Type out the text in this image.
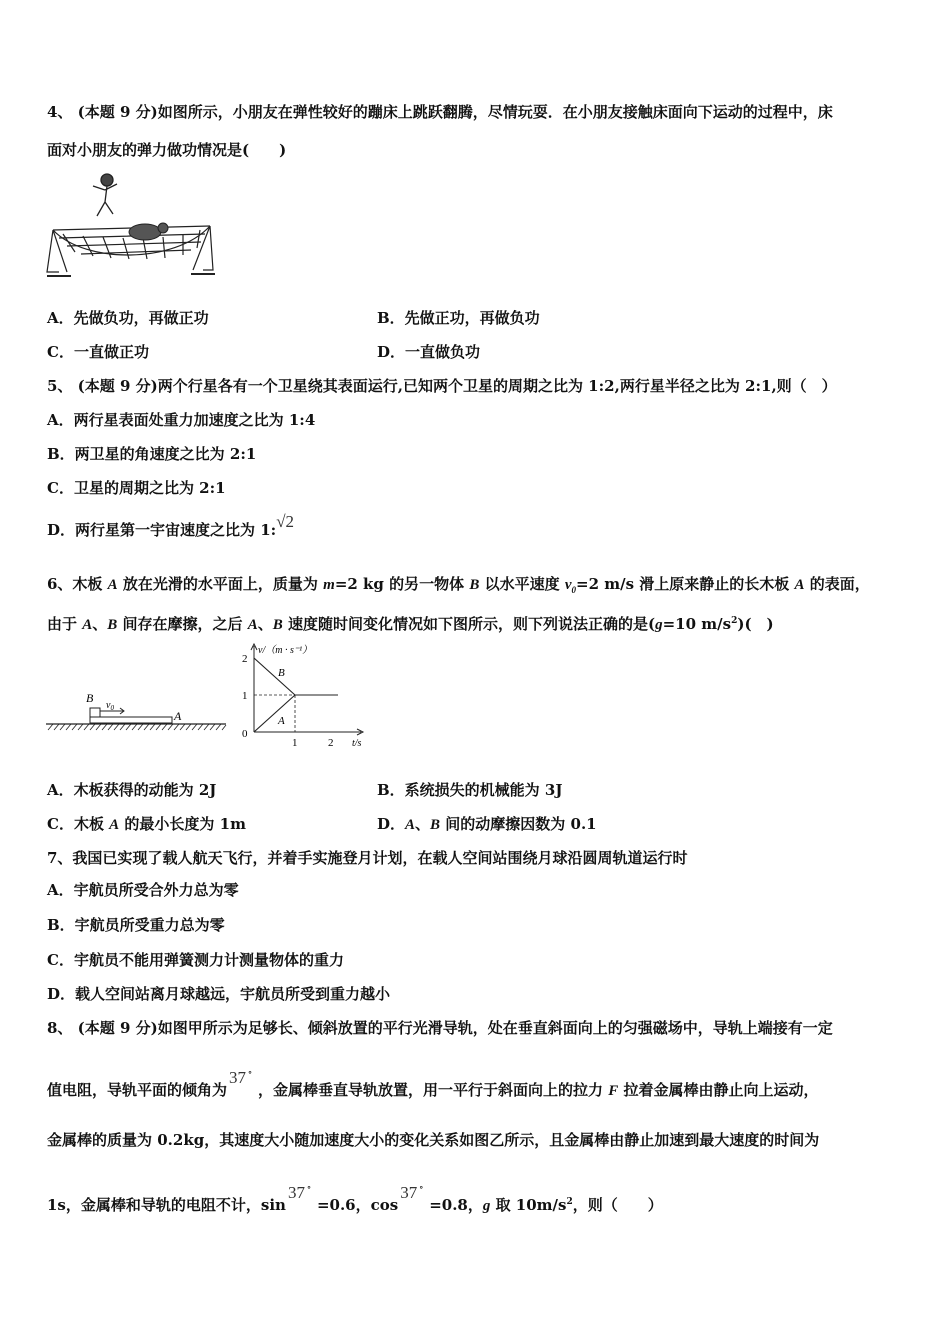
4、 (本题 9 分)如图所示，小朋友在弹性较好的蹦床上跳跃翻腾，尽情玩耍．在小朋友接触床面向下运动的过程中，床
面对小朋友的弹力做功情况是(　　)
A．先做负功，再做正功	B．先做正功，再做负功
C．一直做正功	D．一直做负功
5、 (本题 9 分)两个行星各有一个卫星绕其表面运行,已知两个卫星的周期之比为 1:2,两行星半径之比为 2:1,则（　）
A．两行星表面处重力加速度之比为 1:4
B．两卫星的角速度之比为 2:1
C．卫星的周期之比为 2:1
D．两行星第一宇宙速度之比为 1:√2
6、木板 A 放在光滑的水平面上，质量为 m=2 kg 的另一物体 B 以水平速度 $v_0=2$ m/s 滑上原来静止的长木板 A 的表面，
由于 A、B 间存在摩擦，之后 A、B 速度随时间变化情况如下图所示，则下列说法正确的是(g=10 $m/s^2$)(　)
B
$v_0$
A
v/（m · s⁻¹）
t/s
2
1
0
1	2
B
A
A．木板获得的动能为 2J	B．系统损失的机械能为 3J
C．木板 A 的最小长度为 1m	D．A、B 间的动摩擦因数为 0.1
7、我国已实现了载人航天飞行，并着手实施登月计划，在载人空间站围绕月球沿圆周轨道运行时
A．宇航员所受合外力总为零
B．宇航员所受重力总为零
C．宇航员不能用弹簧测力计测量物体的重力
D．载人空间站离月球越远，宇航员所受到重力越小
8、 (本题 9 分)如图甲所示为足够长、倾斜放置的平行光滑导轨，处在垂直斜面向上的匀强磁场中，导轨上端接有一定
值电阻，导轨平面的倾角为37 °，金属棒垂直导轨放置，用一平行于斜面向上的拉力 F 拉着金属棒由静止向上运动，
金属棒的质量为 0.2kg，其速度大小随加速度大小的变化关系如图乙所示，且金属棒由静止加速到最大速度的时间为
1s，金属棒和导轨的电阻不计，sin37 °=0.6，cos37 °=0.8，g 取 $10m/s^2$，则（　　）
